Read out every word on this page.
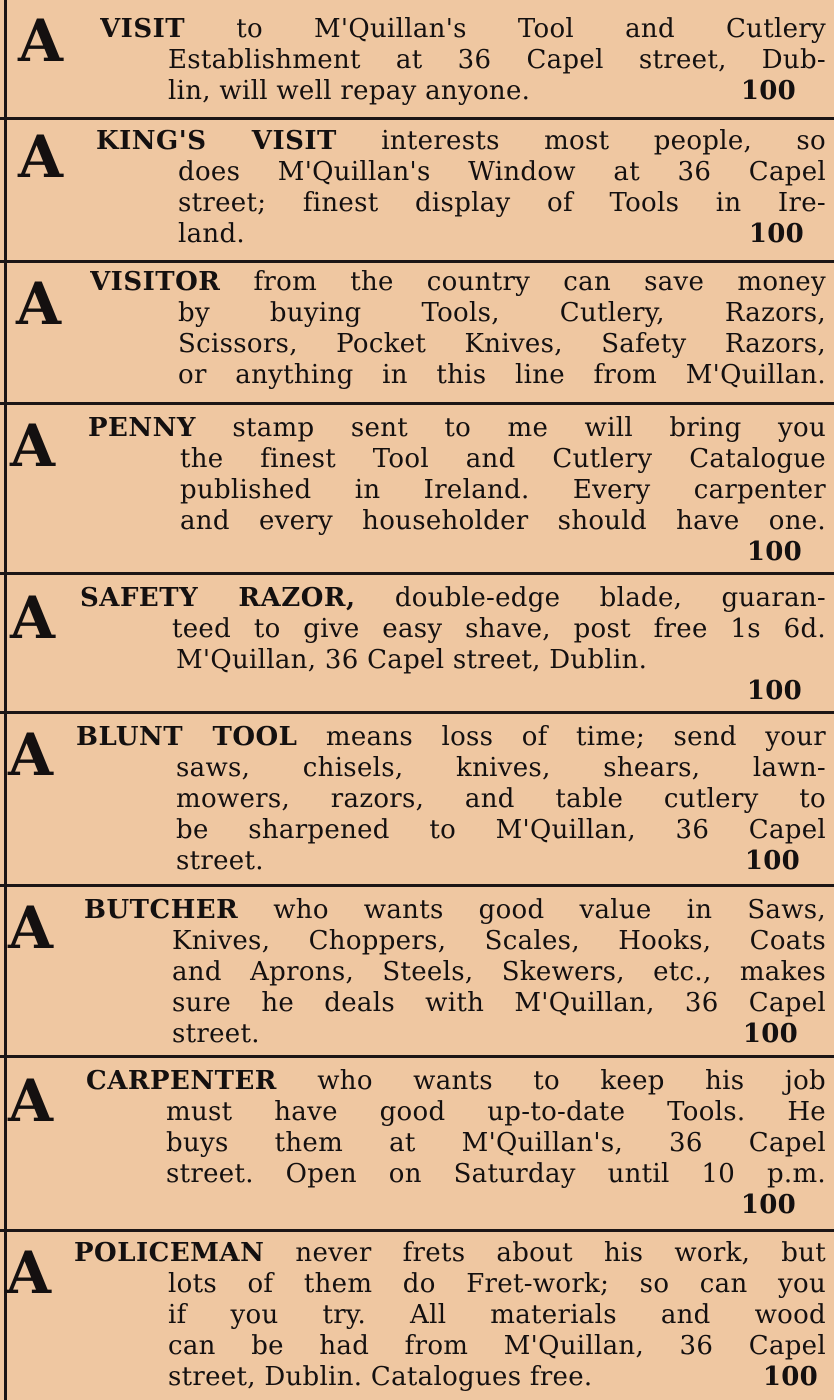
A VISIT to M'Quillan's Tool and Cutlery
Establishment at 36 Capel street, Dub-
lin, will well repay anyone.	100
A KING'S VISIT interests most people, so
does M'Quillan's Window at 36 Capel
street; finest display of Tools in Ire-
land.	100
A VISITOR from the country can save money
by buying Tools, Cutlery, Razors,
Scissors, Pocket Knives, Safety Razors,
or anything in this line from M'Quillan.
A PENNY stamp sent to me will bring you
the finest Tool and Cutlery Catalogue
published in Ireland. Every carpenter
and every householder should have one.
100
A SAFETY RAZOR, double-edge blade, guaran-
teed to give easy shave, post free 1s 6d.
M'Quillan, 36 Capel street, Dublin.
100
A BLUNT TOOL means loss of time; send your
saws, chisels, knives, shears, lawn-
mowers, razors, and table cutlery to
be sharpened to M'Quillan, 36 Capel
street.	100
A BUTCHER who wants good value in Saws,
Knives, Choppers, Scales, Hooks, Coats
and Aprons, Steels, Skewers, etc., makes
sure he deals with M'Quillan, 36 Capel
street.	100
A CARPENTER who wants to keep his job
must have good up-to-date Tools. He
buys them at M'Quillan's, 36 Capel
street. Open on Saturday until 10 p.m.
100
A POLICEMAN never frets about his work, but
lots of them do Fret-work; so can you
if you try. All materials and wood
can be had from M'Quillan, 36 Capel
street, Dublin. Catalogues free.	100
